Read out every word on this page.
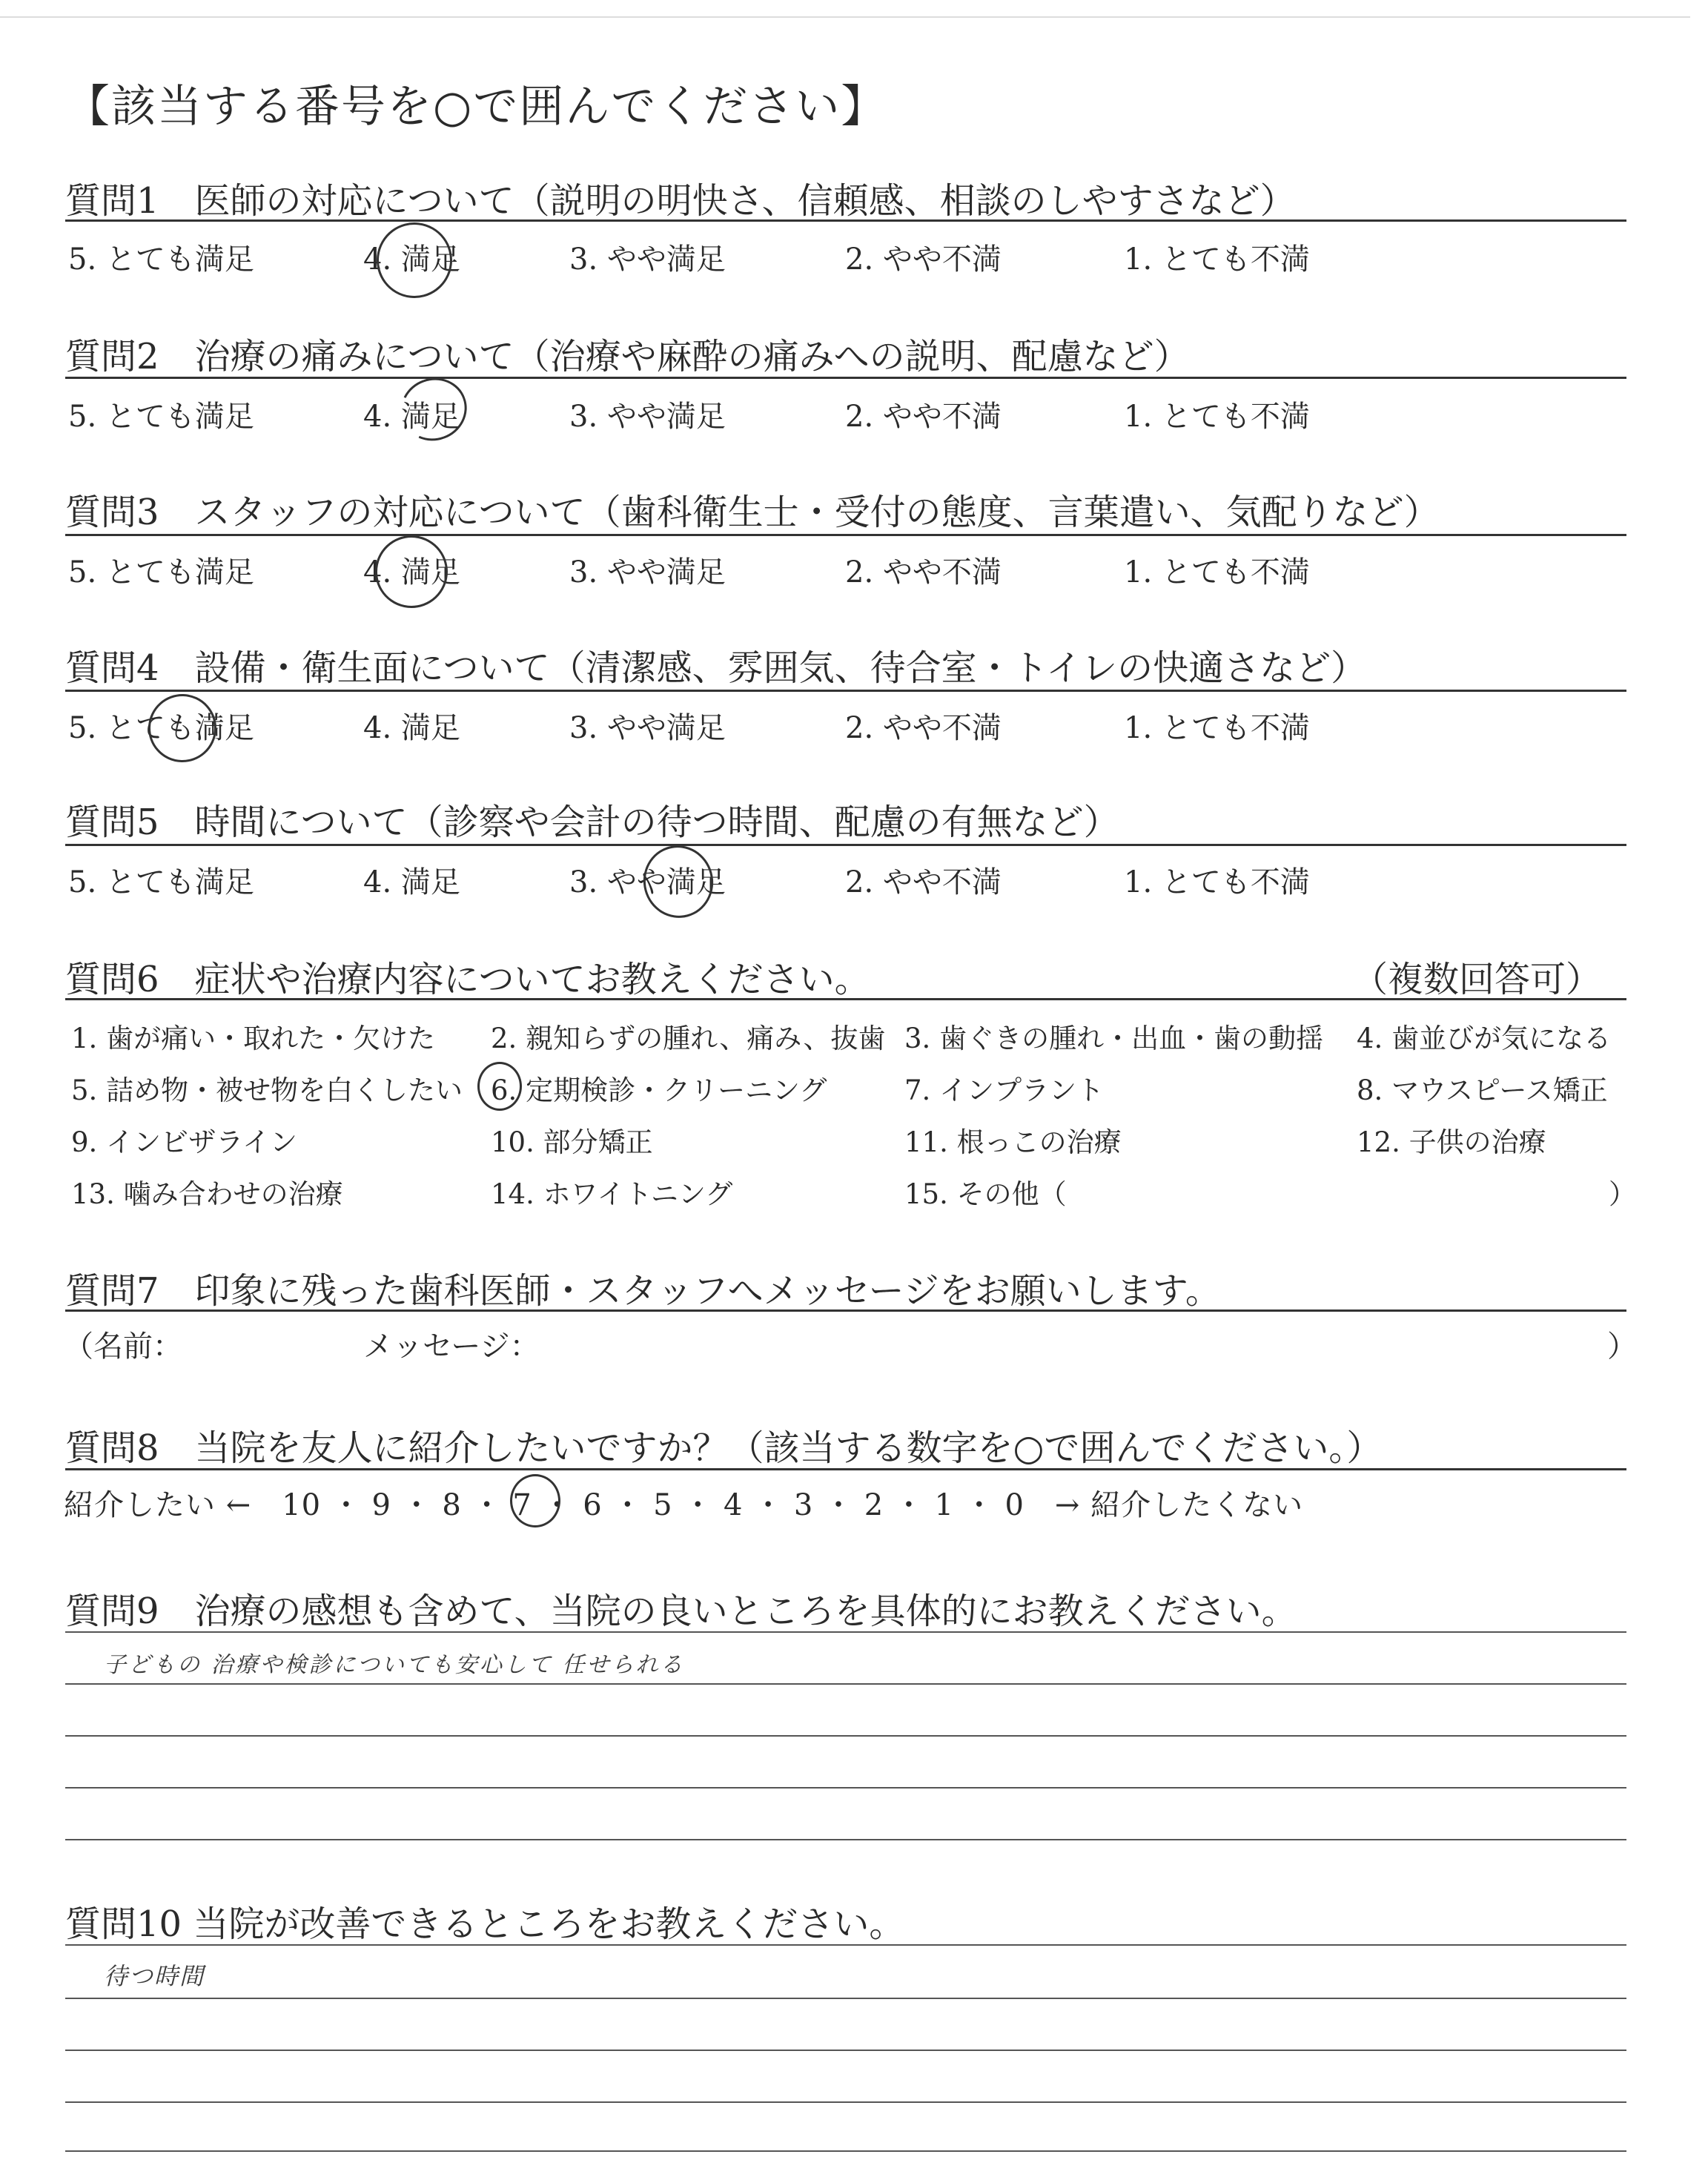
【該当する番号を○で囲んでください】
質問1　医師の対応について（説明の明快さ、信頼感、相談のしやすさなど）
5. とても満足	4. 満足	3. やや満足	2. やや不満	1. とても不満
質問2　治療の痛みについて（治療や麻酔の痛みへの説明、配慮など）
5. とても満足	4. 満足	3. やや満足	2. やや不満	1. とても不満
質問3　スタッフの対応について（歯科衛生士・受付の態度、言葉遣い、気配りなど）
5. とても満足	4. 満足	3. やや満足	2. やや不満	1. とても不満
質問4　設備・衛生面について（清潔感、雰囲気、待合室・トイレの快適さなど）
5. とても満足	4. 満足	3. やや満足	2. やや不満	1. とても不満
質問5　時間について（診察や会計の待つ時間、配慮の有無など）
5. とても満足	4. 満足	3. やや満足	2. やや不満	1. とても不満
質問6　症状や治療内容についてお教えください。	（複数回答可）
1. 歯が痛い・取れた・欠けた 2. 親知らずの腫れ、痛み、抜歯 3. 歯ぐきの腫れ・出血・歯の動揺 4. 歯並びが気になる
5. 詰め物・被せ物を白くしたい 6. 定期検診・クリーニング	7. インプラント	8. マウスピース矯正
9. インビザライン	10. 部分矯正	11. 根っこの治療	12. 子供の治療
13. 噛み合わせの治療	14. ホワイトニング	15. その他（	）
質問7　印象に残った歯科医師・スタッフへメッセージをお願いします。
（名前：	メッセージ：	）
質問8　当院を友人に紹介したいですか？（該当する数字を○で囲んでください。）
紹介したい ←　10 ・ 9 ・ 8 ・ 7 ・ 6 ・ 5 ・ 4 ・ 3 ・ 2 ・ 1 ・ 0　→ 紹介したくない
質問9　治療の感想も含めて、当院の良いところを具体的にお教えください。
子どもの 治療や検診についても安心して 任せられる
質問10 当院が改善できるところをお教えください。
待つ時間
